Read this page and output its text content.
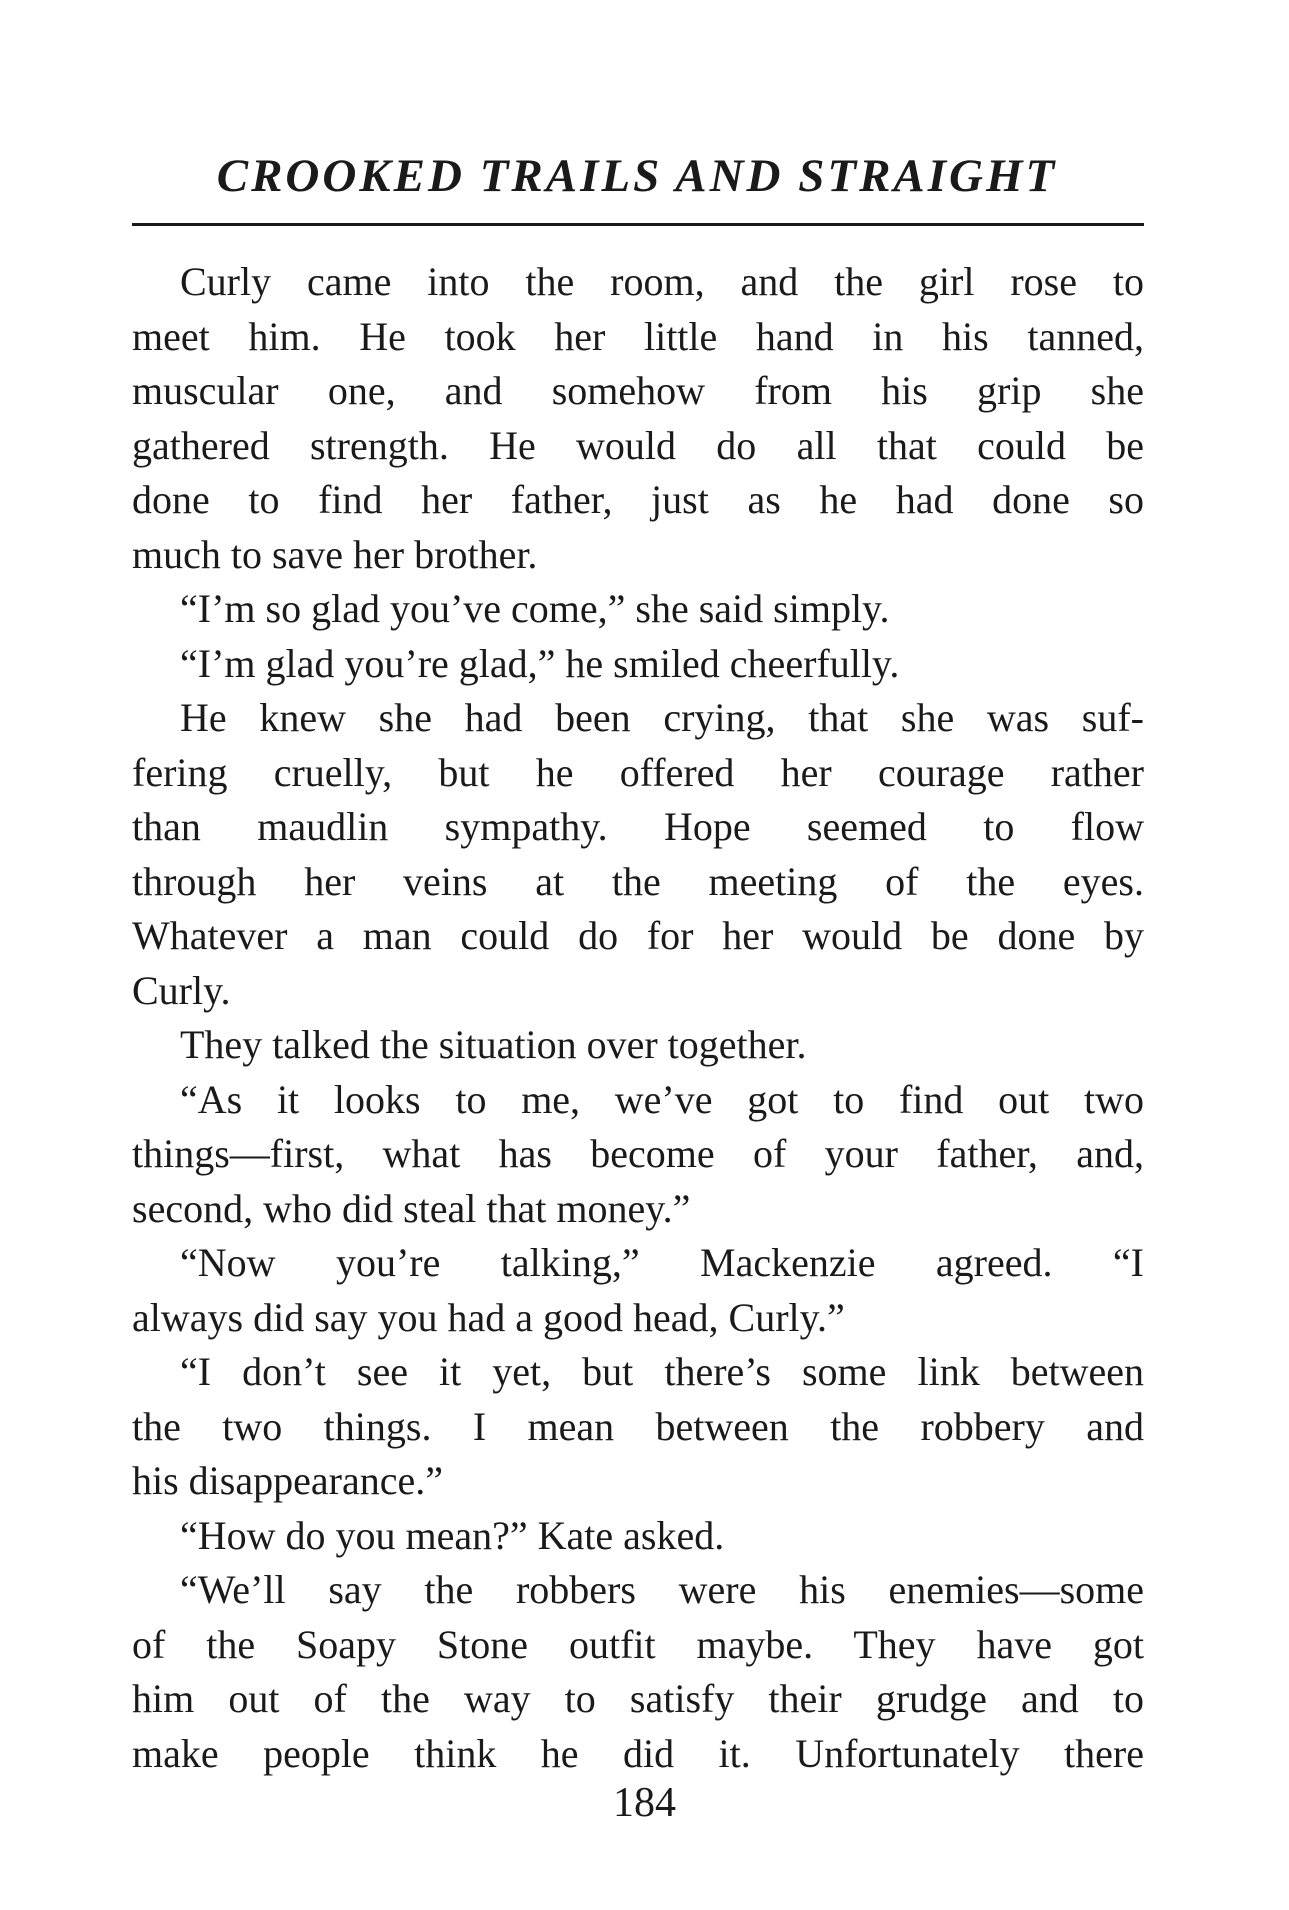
CROOKED TRAILS AND STRAIGHT
Curly came into the room, and the girl rose to
meet him. He took her little hand in his tanned,
muscular one, and somehow from his grip she
gathered strength. He would do all that could be
done to find her father, just as he had done so
much to save her brother.
“I’m so glad you’ve come,” she said simply.
“I’m glad you’re glad,” he smiled cheerfully.
He knew she had been crying, that she was suf-
fering cruelly, but he offered her courage rather
than maudlin sympathy. Hope seemed to flow
through her veins at the meeting of the eyes.
Whatever a man could do for her would be done by
Curly.
They talked the situation over together.
“As it looks to me, we’ve got to find out two
things—first, what has become of your father, and,
second, who did steal that money.”
“Now you’re talking,” Mackenzie agreed. “I
always did say you had a good head, Curly.”
“I don’t see it yet, but there’s some link between
the two things. I mean between the robbery and
his disappearance.”
“How do you mean?” Kate asked.
“We’ll say the robbers were his enemies—some
of the Soapy Stone outfit maybe. They have got
him out of the way to satisfy their grudge and to
make people think he did it. Unfortunately there
184
